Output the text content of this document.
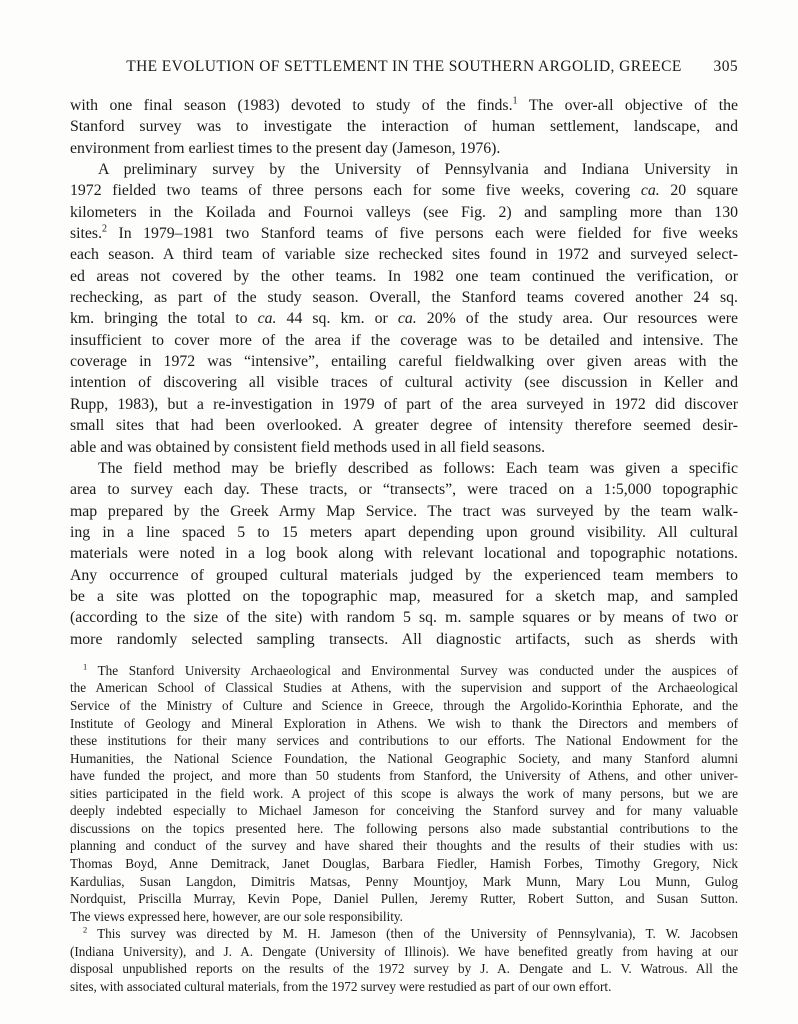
THE EVOLUTION OF SETTLEMENT IN THE SOUTHERN ARGOLID, GREECE	305
with one final season (1983) devoted to study of the finds.$^1$ The over-all objective of the
Stanford survey was to investigate the interaction of human settlement, landscape, and
environment from earliest times to the present day (Jameson, 1976).
A preliminary survey by the University of Pennsylvania and Indiana University in
1972 fielded two teams of three persons each for some five weeks, covering ca. 20 square
kilometers in the Koilada and Fournoi valleys (see Fig. 2) and sampling more than 130
sites.$^2$ In 1979–1981 two Stanford teams of five persons each were fielded for five weeks
each season. A third team of variable size rechecked sites found in 1972 and surveyed select-
ed areas not covered by the other teams. In 1982 one team continued the verification, or
rechecking, as part of the study season. Overall, the Stanford teams covered another 24 sq.
km. bringing the total to ca. 44 sq. km. or ca. 20% of the study area. Our resources were
insufficient to cover more of the area if the coverage was to be detailed and intensive. The
coverage in 1972 was “intensive”, entailing careful fieldwalking over given areas with the
intention of discovering all visible traces of cultural activity (see discussion in Keller and
Rupp, 1983), but a re-investigation in 1979 of part of the area surveyed in 1972 did discover
small sites that had been overlooked. A greater degree of intensity therefore seemed desir-
able and was obtained by consistent field methods used in all field seasons.
The field method may be briefly described as follows: Each team was given a specific
area to survey each day. These tracts, or “transects”, were traced on a 1:5,000 topographic
map prepared by the Greek Army Map Service. The tract was surveyed by the team walk-
ing in a line spaced 5 to 15 meters apart depending upon ground visibility. All cultural
materials were noted in a log book along with relevant locational and topographic notations.
Any occurrence of grouped cultural materials judged by the experienced team members to
be a site was plotted on the topographic map, measured for a sketch map, and sampled
(according to the size of the site) with random 5 sq. m. sample squares or by means of two or
more randomly selected sampling transects. All diagnostic artifacts, such as sherds with
$^1$ The Stanford University Archaeological and Environmental Survey was conducted under the auspices of
the American School of Classical Studies at Athens, with the supervision and support of the Archaeological
Service of the Ministry of Culture and Science in Greece, through the Argolido-Korinthia Ephorate, and the
Institute of Geology and Mineral Exploration in Athens. We wish to thank the Directors and members of
these institutions for their many services and contributions to our efforts. The National Endowment for the
Humanities, the National Science Foundation, the National Geographic Society, and many Stanford alumni
have funded the project, and more than 50 students from Stanford, the University of Athens, and other univer-
sities participated in the field work. A project of this scope is always the work of many persons, but we are
deeply indebted especially to Michael Jameson for conceiving the Stanford survey and for many valuable
discussions on the topics presented here. The following persons also made substantial contributions to the
planning and conduct of the survey and have shared their thoughts and the results of their studies with us:
Thomas Boyd, Anne Demitrack, Janet Douglas, Barbara Fiedler, Hamish Forbes, Timothy Gregory, Nick
Kardulias, Susan Langdon, Dimitris Matsas, Penny Mountjoy, Mark Munn, Mary Lou Munn, Gulog
Nordquist, Priscilla Murray, Kevin Pope, Daniel Pullen, Jeremy Rutter, Robert Sutton, and Susan Sutton.
The views expressed here, however, are our sole responsibility.
$^2$ This survey was directed by M. H. Jameson (then of the University of Pennsylvania), T. W. Jacobsen
(Indiana University), and J. A. Dengate (University of Illinois). We have benefited greatly from having at our
disposal unpublished reports on the results of the 1972 survey by J. A. Dengate and L. V. Watrous. All the
sites, with associated cultural materials, from the 1972 survey were restudied as part of our own effort.
